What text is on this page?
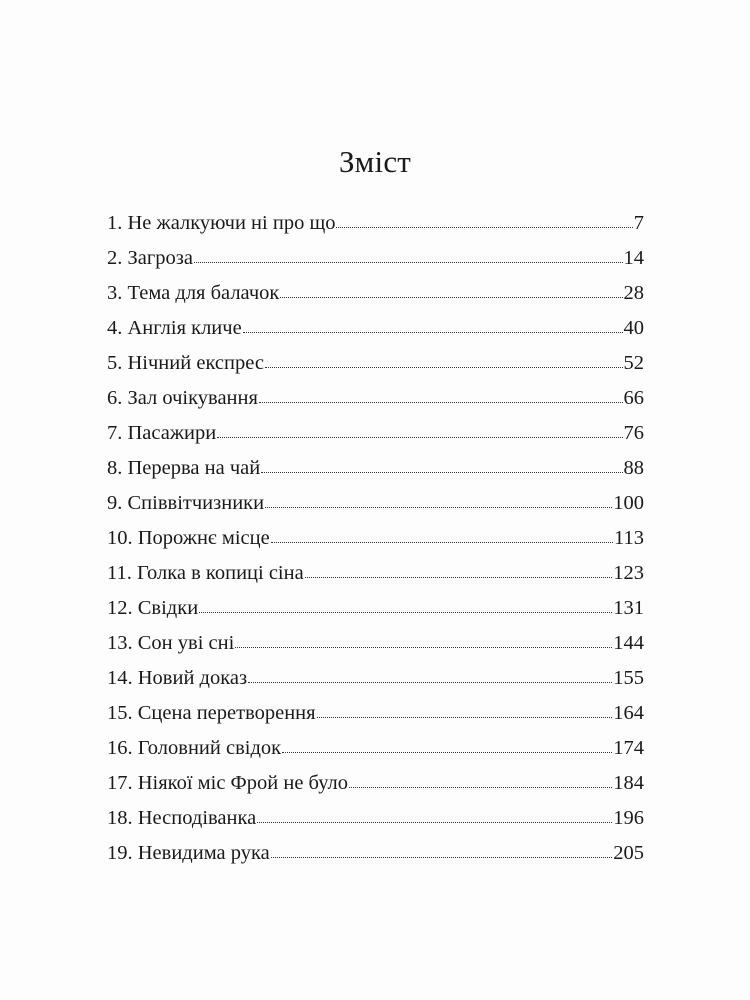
Зміст
1. Не жалкуючи ні про що	7
2. Загроза	14
3. Тема для балачок	28
4. Англія кличе	40
5. Нічний експрес	52
6. Зал очікування	66
7. Пасажири	76
8. Перерва на чай	88
9. Співвітчизники	100
10. Порожнє місце	113
11. Голка в копиці сіна	123
12. Свідки	131
13. Сон уві сні	144
14. Новий доказ	155
15. Сцена перетворення	164
16. Головний свідок	174
17. Ніякої міс Фрой не було	184
18. Несподіванка	196
19. Невидима рука	205
